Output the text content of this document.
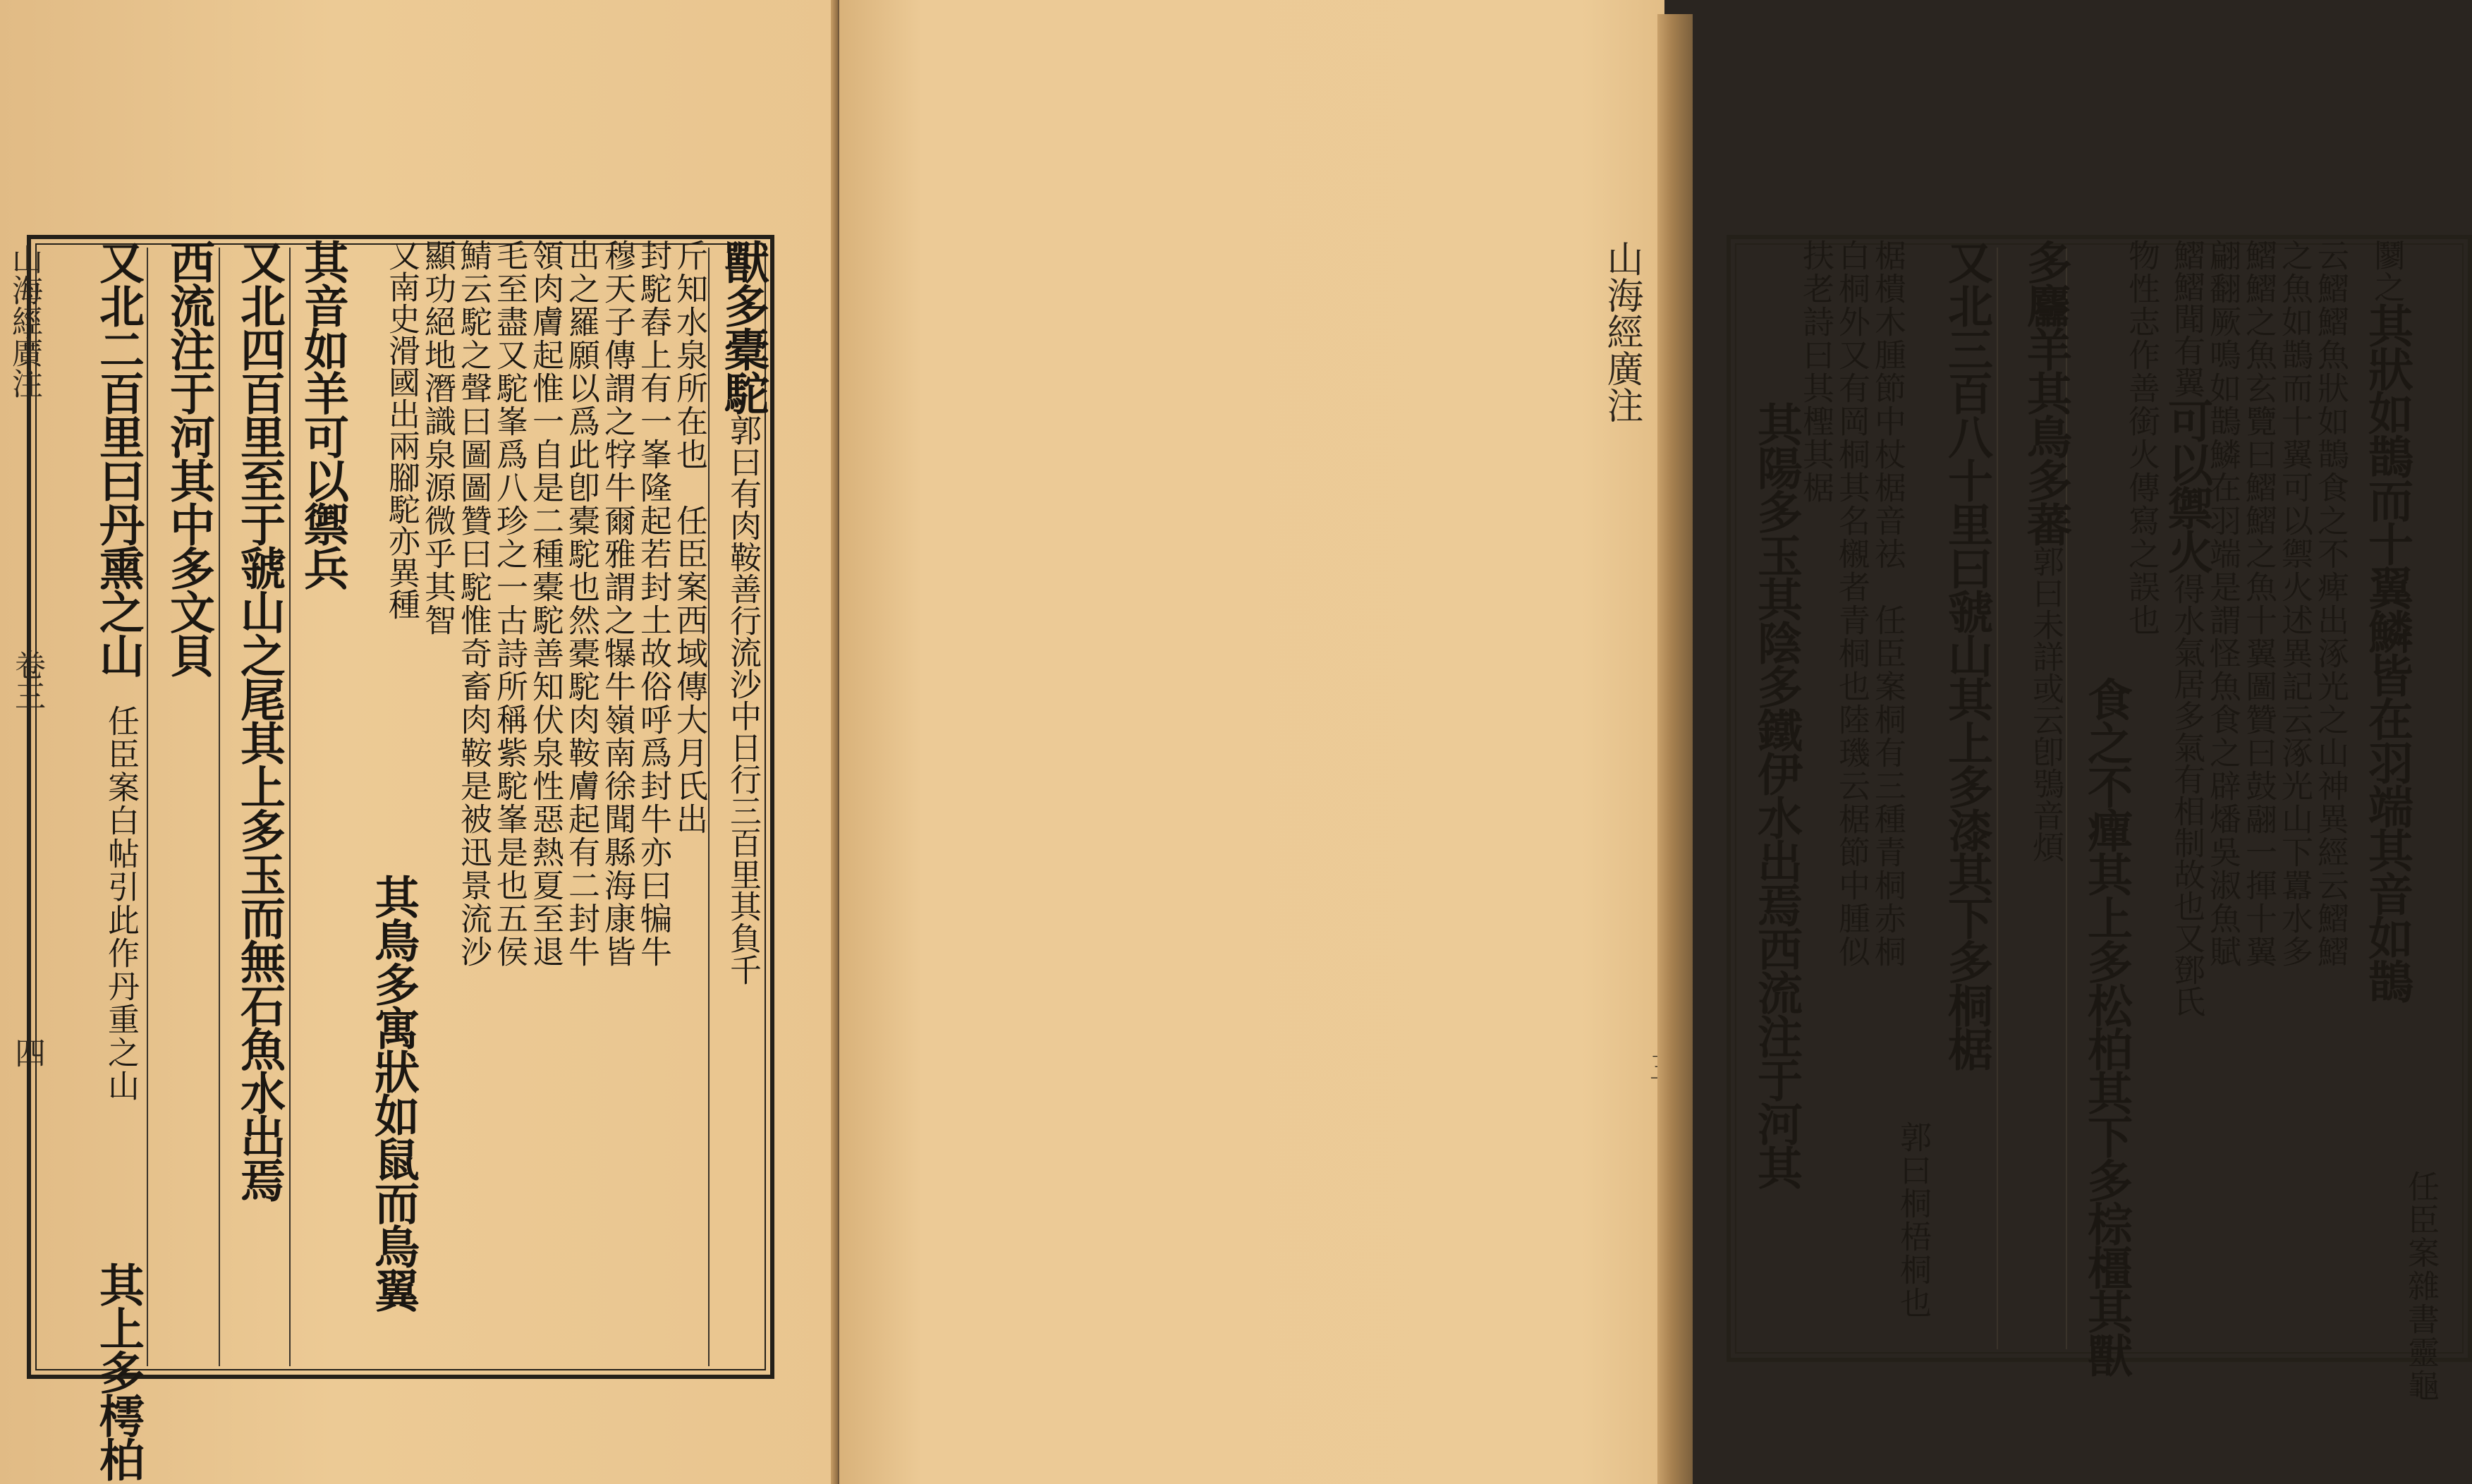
獸多橐駝郭曰有肉鞍善行流沙中日行三百里其負千
斤知水泉所在也　任臣案西域傳大月氏出
封駝舂上有一峯隆起若封土故俗呼爲封牛亦曰犏牛
穆天子傳謂之牸牛爾雅謂之犦牛嶺南徐聞縣海康皆
出之羅願以爲此卽橐駝也然橐駝肉鞍膚起有二封牛
領肉膚起惟一自是二種橐駝善知伏泉性惡熱夏至退
毛至盡又駝峯爲八珍之一古詩所稱紫駝峯是也五侯
鯖云駝之聲曰圖圖贊曰駝惟奇畜肉鞍是被迅景流沙
顯功絕地潛識泉源微乎其智
又南史滑國出兩腳駝亦異種
其鳥多寓狀如鼠而鳥翼
其音如羊可以禦兵
又北四百里至于虢山之尾其上多玉而無石魚水出焉
西流注于河其中多文貝
又北二百里曰丹熏之山
任臣案白帖引此作丹重之山
其上多樗柏
山海經廣注
卷三
四
䰘之其狀如鵲而十翼鱗皆在羽端其音如鵲
任臣案雜書靈龜
云鰼鰼魚狀如鵲食之不痺出涿光之山神異經云鰼鰼
之魚如鵲而十翼可以禦火述異記云涿光山下囂水多
鰼鰼之魚玄覽曰鰼鰼之魚十翼圖贊曰鼓翮一揮十翼
翩翻厥鳴如鵲鱗在羽端是謂怪魚食之辟燔吳淑魚賦
鰼鰼聞有翼可以禦火得水氣居多氣有相制故也又鄧氏
物性志作善銜火傳寫之誤也
食之不癉其上多松柏其下多棕橿其獸
多麢羊其鳥多蕃郭曰未詳或云卽鴞音煩
又北三百八十里曰虢山其上多漆其下多桐椐
郭曰桐梧桐也
椐樻木腫節中杖椐音祛　任臣案桐有三種青桐赤桐
白桐外又有岡桐其名櫬者青桐也陸璣云椐節中腫似
扶老詩曰其檉其椐
其陽多玉其陰多鐵伊水出焉西流注于河其
山海經廣注
